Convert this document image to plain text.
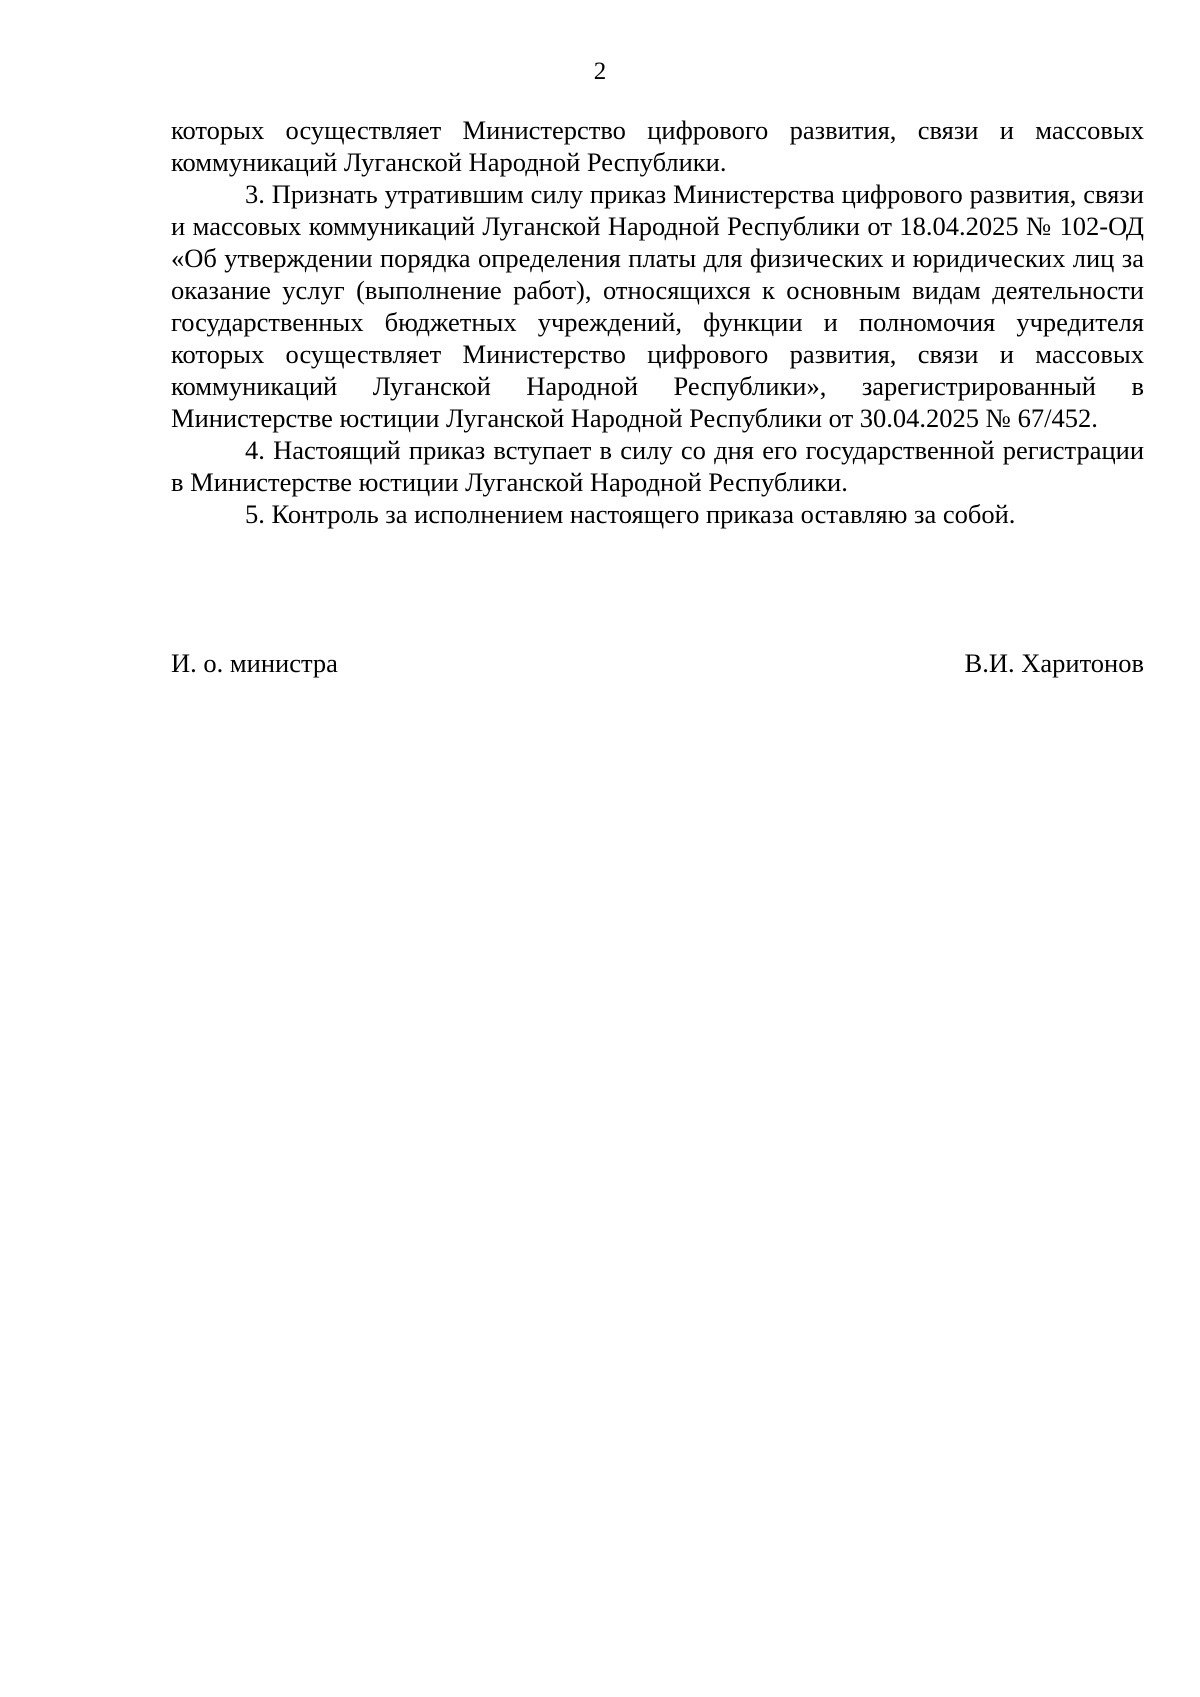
2

которых осуществляет Министерство цифрового развития, связи и массовых коммуникаций Луганской Народной Республики.

3. Признать утратившим силу приказ Министерства цифрового развития, связи и массовых коммуникаций Луганской Народной Республики от 18.04.2025 № 102-ОД «Об утверждении порядка определения платы для физических и юридических лиц за оказание услуг (выполнение работ), относящихся к основным видам деятельности государственных бюджетных учреждений, функции и полномочия учредителя которых осуществляет Министерство цифрового развития, связи и массовых коммуникаций Луганской Народной Республики», зарегистрированный в Министерстве юстиции Луганской Народной Республики от 30.04.2025 № 67/452.

4. Настоящий приказ вступает в силу со дня его государственной регистрации в Министерстве юстиции Луганской Народной Республики.

5. Контроль за исполнением настоящего приказа оставляю за собой.

И. о. министра	В.И. Харитонов
